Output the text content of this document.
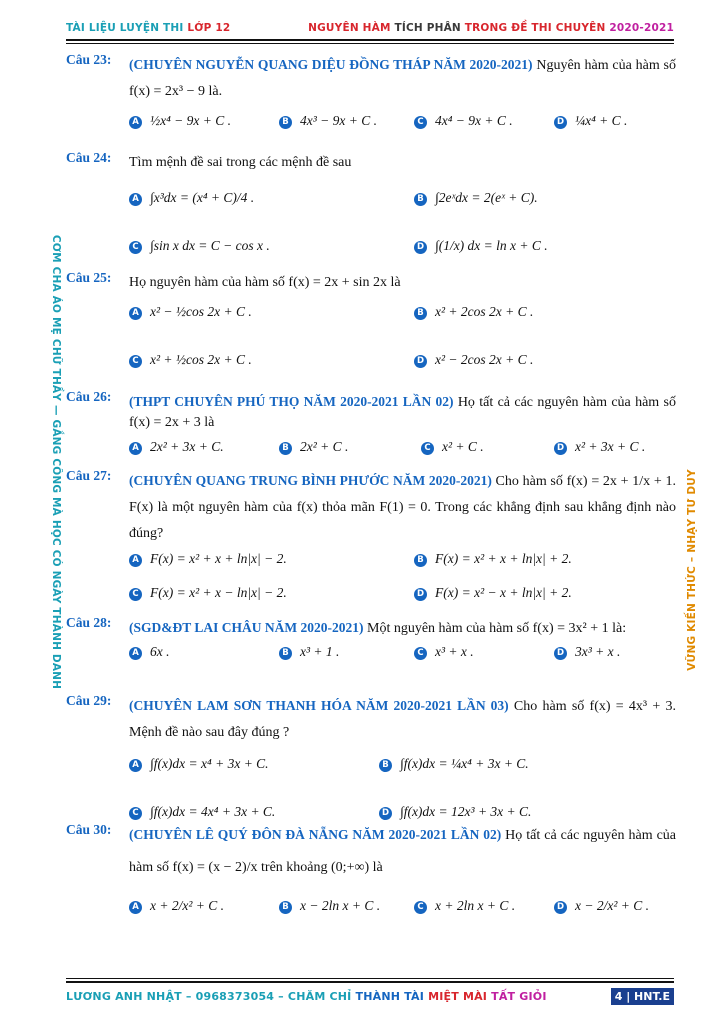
TÀI LIỆU LUYỆN THI LỚP 12	NGUYÊN HÀM TÍCH PHÂN TRONG ĐỀ THI CHUYÊN 2020-2021
CƠM CHA ÁO MẸ CHỮ THẦY — GẮNG CÔNG MÀ HỌC CÓ NGÀY THÀNH DANH	VỮNG KIẾN THỨC – NHẠY TƯ DUY
Câu 23: (CHUYÊN NGUYỄN QUANG DIỆU ĐỒNG THÁP NĂM 2020-2021) Nguyên hàm của hàm số f(x) = 2x³ − 9 là.
A ½x⁴ − 9x + C .	B 4x³ − 9x + C .	C 4x⁴ − 9x + C .	D ¼x⁴ + C .
Câu 24: Tìm mệnh đề sai trong các mệnh đề sau
A ∫x³dx = (x⁴ + C)/4 .	B ∫2eˣdx = 2(eˣ + C).
C ∫sin x dx = C − cos x .	D ∫(1/x) dx = ln x + C .
Câu 25: Họ nguyên hàm của hàm số f(x) = 2x + sin 2x là
A x² − ½cos 2x + C .	B x² + 2cos 2x + C .
C x² + ½cos 2x + C .	D x² − 2cos 2x + C .
Câu 26: (THPT CHUYÊN PHÚ THỌ NĂM 2020-2021 LẦN 02) Họ tất cả các nguyên hàm của hàm số f(x) = 2x + 3 là
A 2x² + 3x + C.	B 2x² + C .	C x² + C .	D x² + 3x + C .
Câu 27: (CHUYÊN QUANG TRUNG BÌNH PHƯỚC NĂM 2020-2021) Cho hàm số f(x) = 2x + 1/x + 1. F(x) là một nguyên hàm của f(x) thỏa mãn F(1) = 0. Trong các khẳng định sau khẳng định nào đúng?
A F(x) = x² + x + ln|x| − 2.	B F(x) = x² + x + ln|x| + 2.
C F(x) = x² + x − ln|x| − 2.	D F(x) = x² − x + ln|x| + 2.
Câu 28: (SGD&ĐT LAI CHÂU NĂM 2020-2021) Một nguyên hàm của hàm số f(x) = 3x² + 1 là:
A 6x .	B x³ + 1 .	C x³ + x .	D 3x³ + x .
Câu 29: (CHUYÊN LAM SƠN THANH HÓA NĂM 2020-2021 LẦN 03) Cho hàm số f(x) = 4x³ + 3. Mệnh đề nào sau đây đúng ?
A ∫f(x)dx = x⁴ + 3x + C.	B ∫f(x)dx = ¼x⁴ + 3x + C.
C ∫f(x)dx = 4x⁴ + 3x + C.	D ∫f(x)dx = 12x³ + 3x + C.
Câu 30: (CHUYÊN LÊ QUÝ ĐÔN ĐÀ NẴNG NĂM 2020-2021 LẦN 02) Họ tất cả các nguyên hàm của hàm số f(x) = (x − 2)/x trên khoảng (0;+∞) là
A x + 2/x² + C .	B x − 2ln x + C .	C x + 2ln x + C .	D x − 2/x² + C .
LƯƠNG ANH NHẬT – 0968373054 – CHĂM CHỈ THÀNH TÀI MIỆT MÀI TẤT GIỎI	4 | HNT.E
